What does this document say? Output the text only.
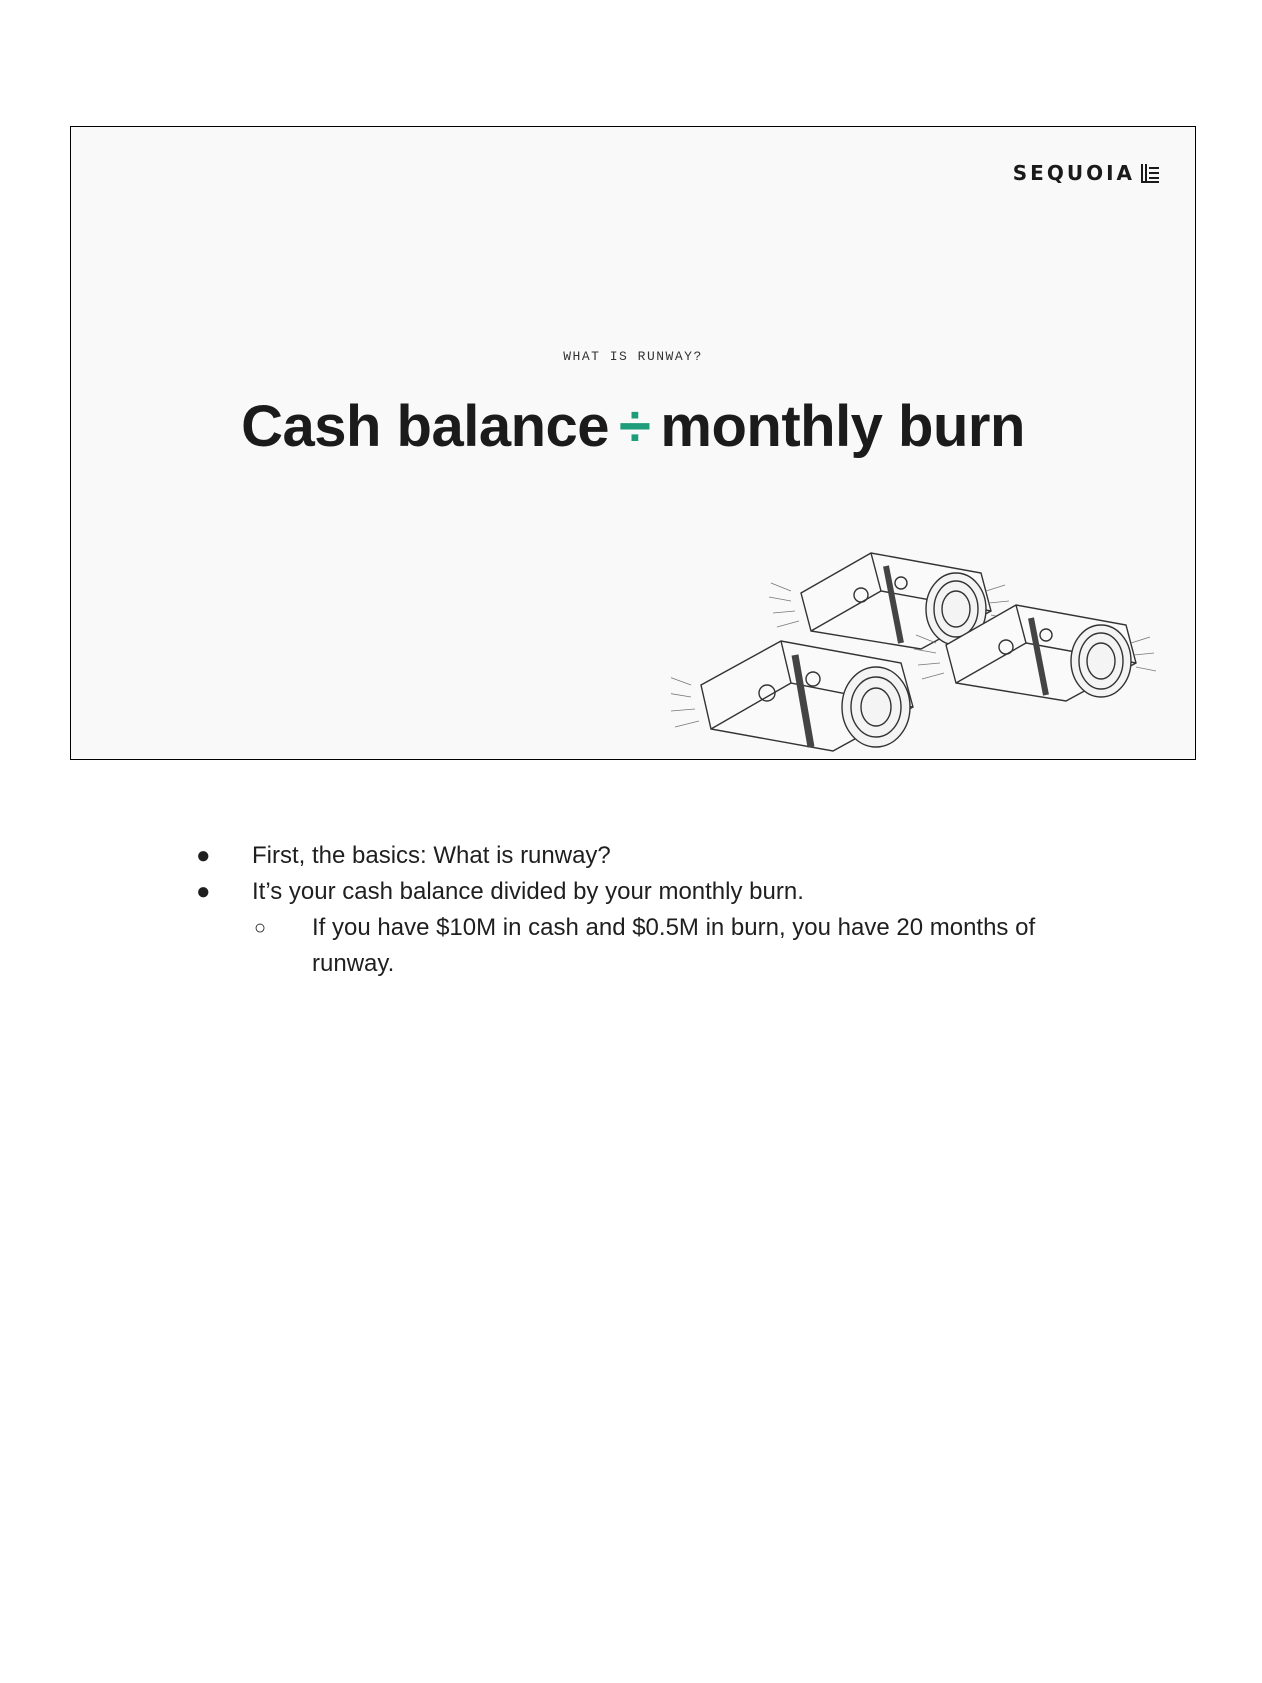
SEQUOIA
WHAT IS RUNWAY?
Cash balance ÷ monthly burn
● First, the basics: What is runway?
● It’s your cash balance divided by your monthly burn.
○ If you have $10M in cash and $0.5M in burn, you have 20 months of runway.
